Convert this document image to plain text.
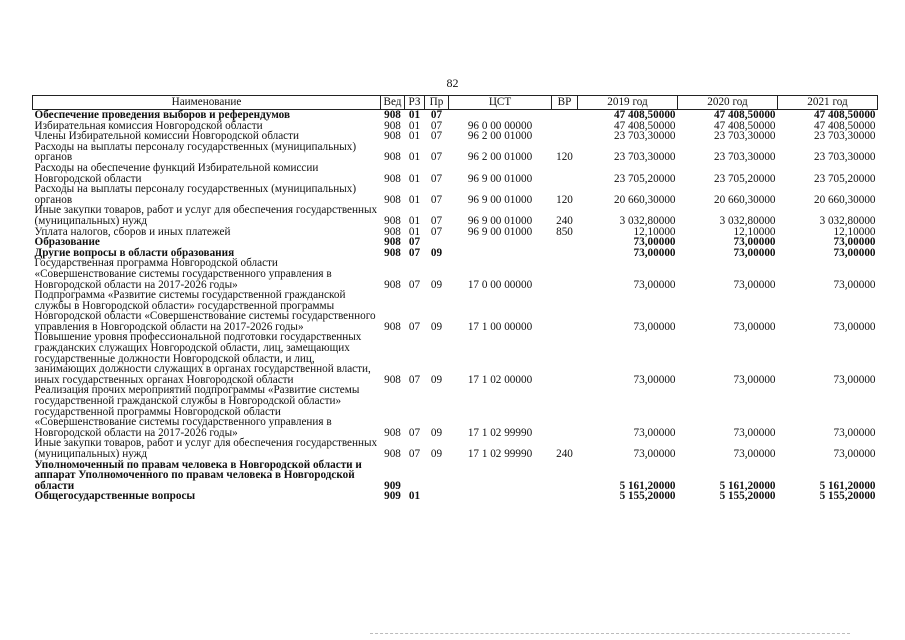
82
Наименование	Вед	РЗ	Пр	ЦСТ	ВР	2019 год	2020 год	2021 год
Обеспечение проведения выборов и референдумов	908	01	07			47 408,50000	47 408,50000	47 408,50000
Избирательная комиссия Новгородской области	908	01	07	96 0 00 00000		47 408,50000	47 408,50000	47 408,50000
Члены Избирательной комиссии Новгородской области	908	01	07	96 2 00 01000		23 703,30000	23 703,30000	23 703,30000
Расходы на выплаты персоналу государственных (муниципальных) органов	908	01	07	96 2 00 01000	120	23 703,30000	23 703,30000	23 703,30000
Расходы на обеспечение функций Избирательной комиссии Новгородской области	908	01	07	96 9 00 01000		23 705,20000	23 705,20000	23 705,20000
Расходы на выплаты персоналу государственных (муниципальных) органов	908	01	07	96 9 00 01000	120	20 660,30000	20 660,30000	20 660,30000
Иные закупки товаров, работ и услуг для обеспечения государственных (муниципальных) нужд	908	01	07	96 9 00 01000	240	3 032,80000	3 032,80000	3 032,80000
Уплата налогов, сборов и иных платежей	908	01	07	96 9 00 01000	850	12,10000	12,10000	12,10000
Образование	908	07				73,00000	73,00000	73,00000
Другие вопросы в области образования	908	07	09			73,00000	73,00000	73,00000
Государственная программа Новгородской области «Совершенствование системы государственного управления в Новгородской области на 2017-2026 годы»	908	07	09	17 0 00 00000		73,00000	73,00000	73,00000
Подпрограмма «Развитие системы государственной гражданской службы в Новгородской области» государственной программы Новгородской области «Совершенствование системы государственного управления в Новгородской области на 2017-2026 годы»	908	07	09	17 1 00 00000		73,00000	73,00000	73,00000
Повышение уровня профессиональной подготовки государственных гражданских служащих Новгородской области, лиц, замещающих государственные должности Новгородской области, и лиц, занимающих должности служащих в органах государственной власти, иных государственных органах Новгородской области	908	07	09	17 1 02 00000		73,00000	73,00000	73,00000
Реализация прочих мероприятий подпрограммы «Развитие системы государственной гражданской службы в Новгородской области» государственной программы Новгородской области «Совершенствование системы государственного управления в Новгородской области на 2017-2026 годы»	908	07	09	17 1 02 99990		73,00000	73,00000	73,00000
Иные закупки товаров, работ и услуг для обеспечения государственных (муниципальных) нужд	908	07	09	17 1 02 99990	240	73,00000	73,00000	73,00000
Уполномоченный по правам человека в Новгородской области и аппарат Уполномоченного по правам человека в Новгородской области	909					5 161,20000	5 161,20000	5 161,20000
Общегосударственные вопросы	909	01				5 155,20000	5 155,20000	5 155,20000
